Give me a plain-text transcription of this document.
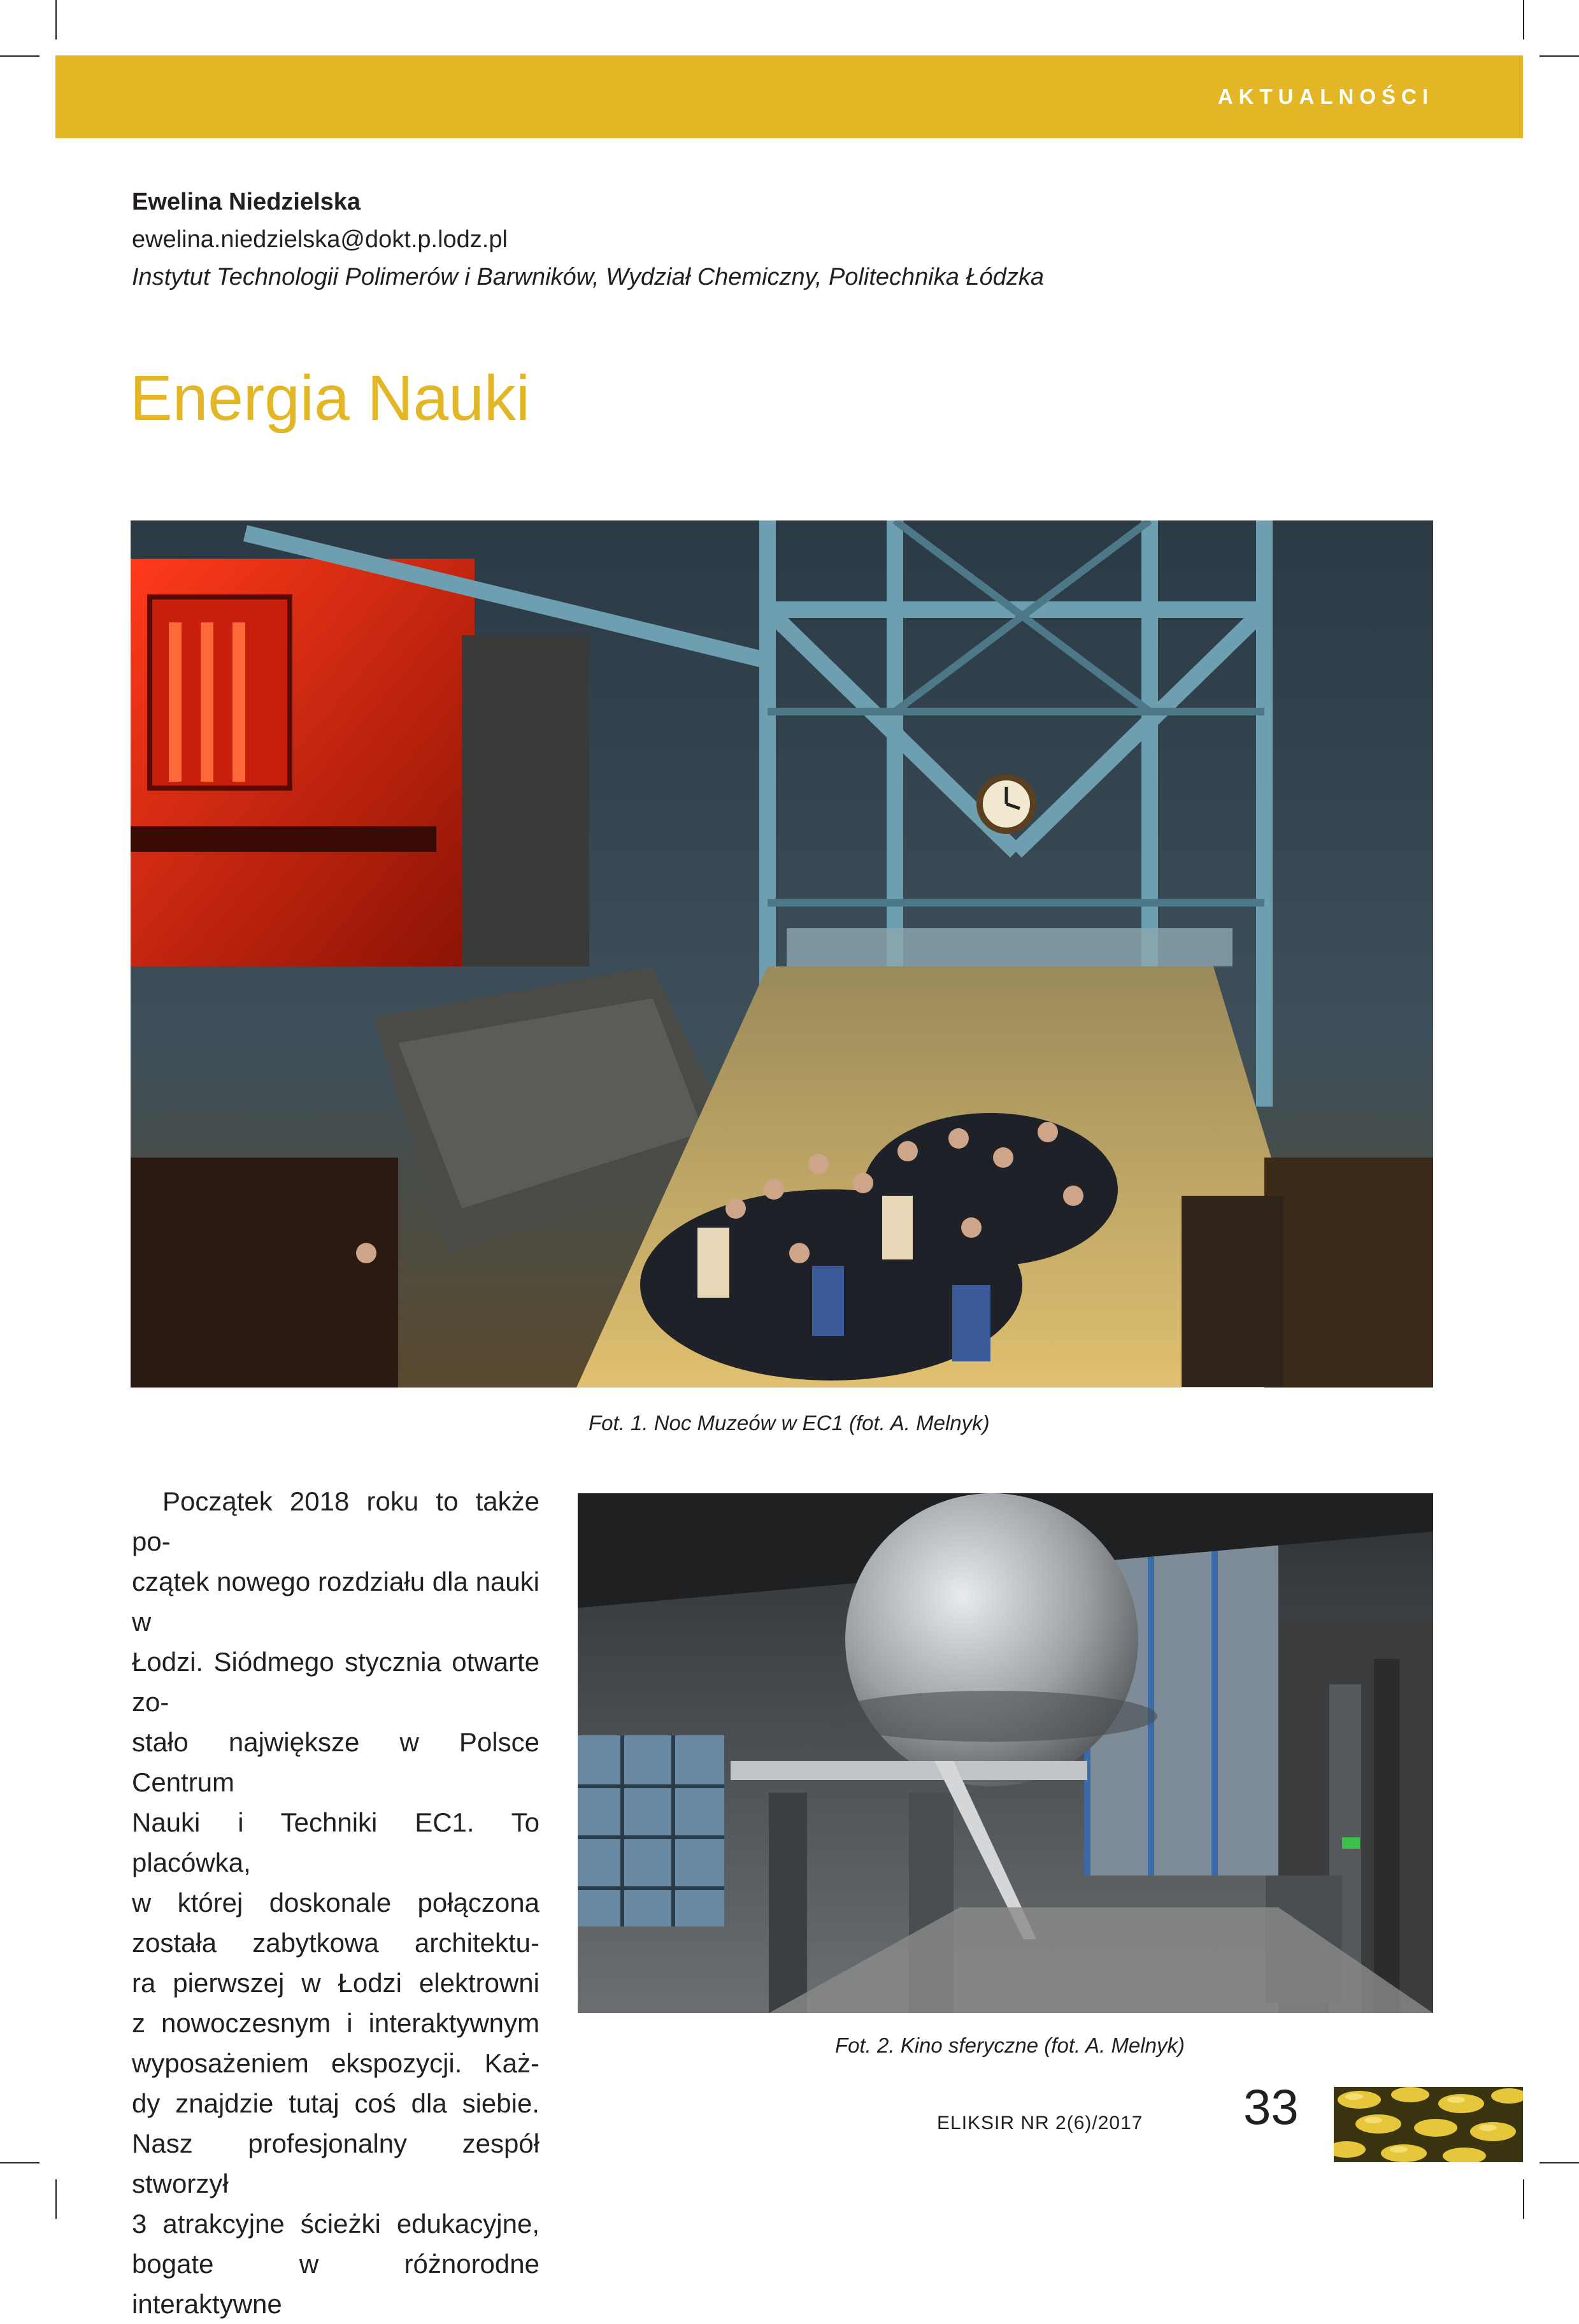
AKTUALNOŚCI
Ewelina Niedzielska
ewelina.niedzielska@dokt.p.lodz.pl
Instytut Technologii Polimerów i Barwników, Wydział Chemiczny, Politechnika Łódzka
Energia Nauki
Fot. 1. Noc Muzeów w EC1 (fot. A. Melnyk)
Początek 2018 roku to także po-
czątek nowego rozdziału dla nauki w
Łodzi. Siódmego stycznia otwarte zo-
stało największe w Polsce Centrum
Nauki i Techniki EC1. To placówka,
w której doskonale połączona
została zabytkowa architektu-
ra pierwszej w Łodzi elektrowni
z nowoczesnym i interaktywnym
wyposażeniem ekspozycji. Każ-
dy znajdzie tutaj coś dla siebie.
Nasz profesjonalny zespół stworzył
3 atrakcyjne ścieżki edukacyjne,
bogate w różnorodne interaktywne
Fot. 2. Kino sferyczne (fot. A. Melnyk)
ELIKSIR NR 2(6)/2017 33
